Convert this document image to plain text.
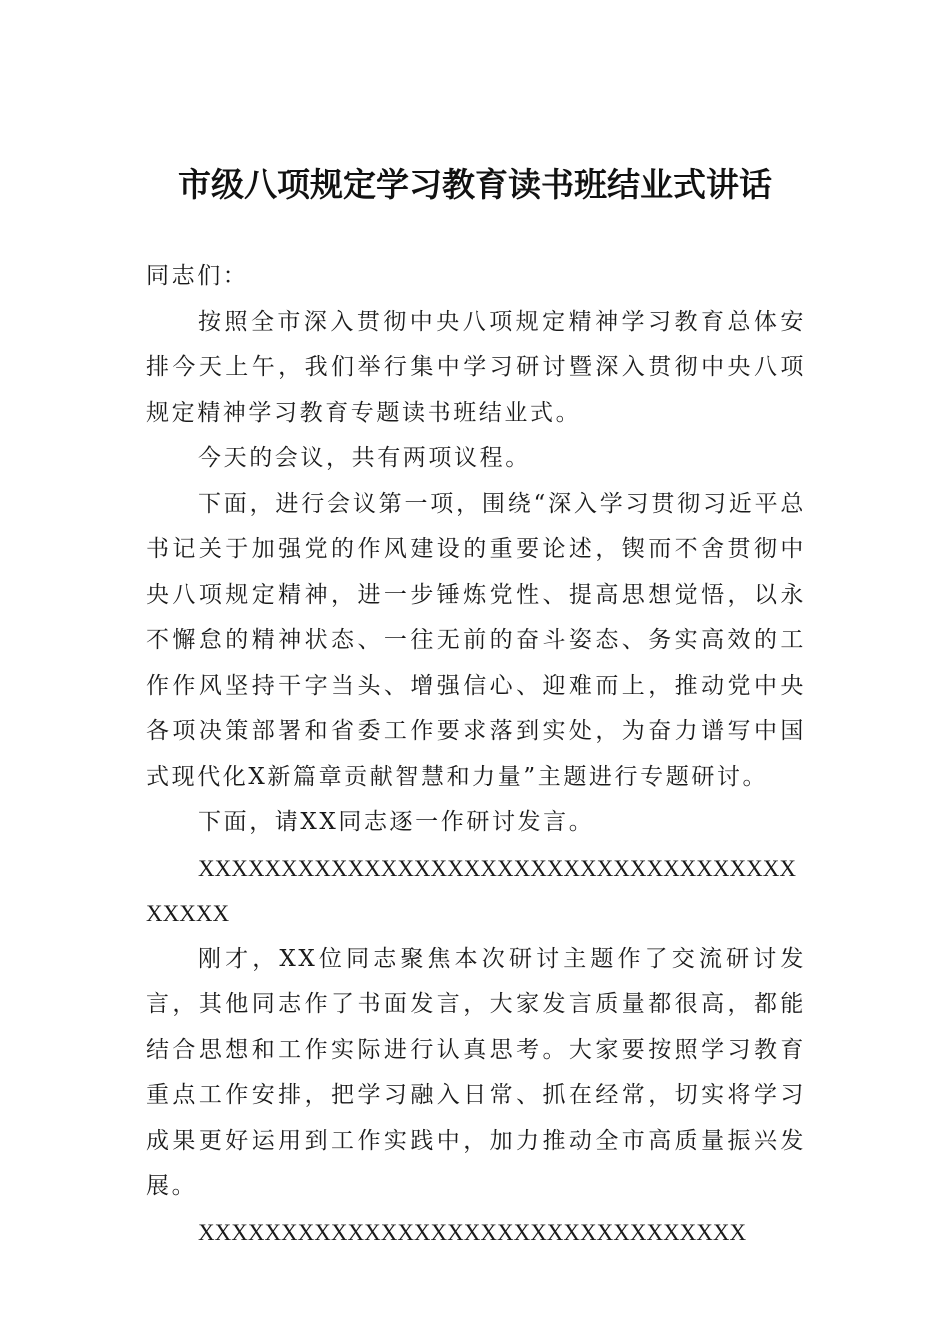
市级八项规定学习教育读书班结业式讲话

同志们：

按照全市深入贯彻中央八项规定精神学习教育总体安排今天上午，我们举行集中学习研讨暨深入贯彻中央八项规定精神学习教育专题读书班结业式。

今天的会议，共有两项议程。

下面，进行会议第一项，围绕“深入学习贯彻习近平总书记关于加强党的作风建设的重要论述，锲而不舍贯彻中央八项规定精神，进一步锤炼党性、提高思想觉悟，以永不懈怠的精神状态、一往无前的奋斗姿态、务实高效的工作作风坚持干字当头、增强信心、迎难而上，推动党中央各项决策部署和省委工作要求落到实处，为奋力谱写中国式现代化X新篇章贡献智慧和力量”主题进行专题研讨。

下面，请XX同志逐一作研讨发言。

XXXXXXXXXXXXXXXXXXXXXXXXXXXXXXXXXXXXXXXXX

刚才，XX位同志聚焦本次研讨主题作了交流研讨发言，其他同志作了书面发言，大家发言质量都很高，都能结合思想和工作实际进行认真思考。大家要按照学习教育重点工作安排，把学习融入日常、抓在经常，切实将学习成果更好运用到工作实践中，加力推动全市高质量振兴发展。

XXXXXXXXXXXXXXXXXXXXXXXXXXXXXXXXX
